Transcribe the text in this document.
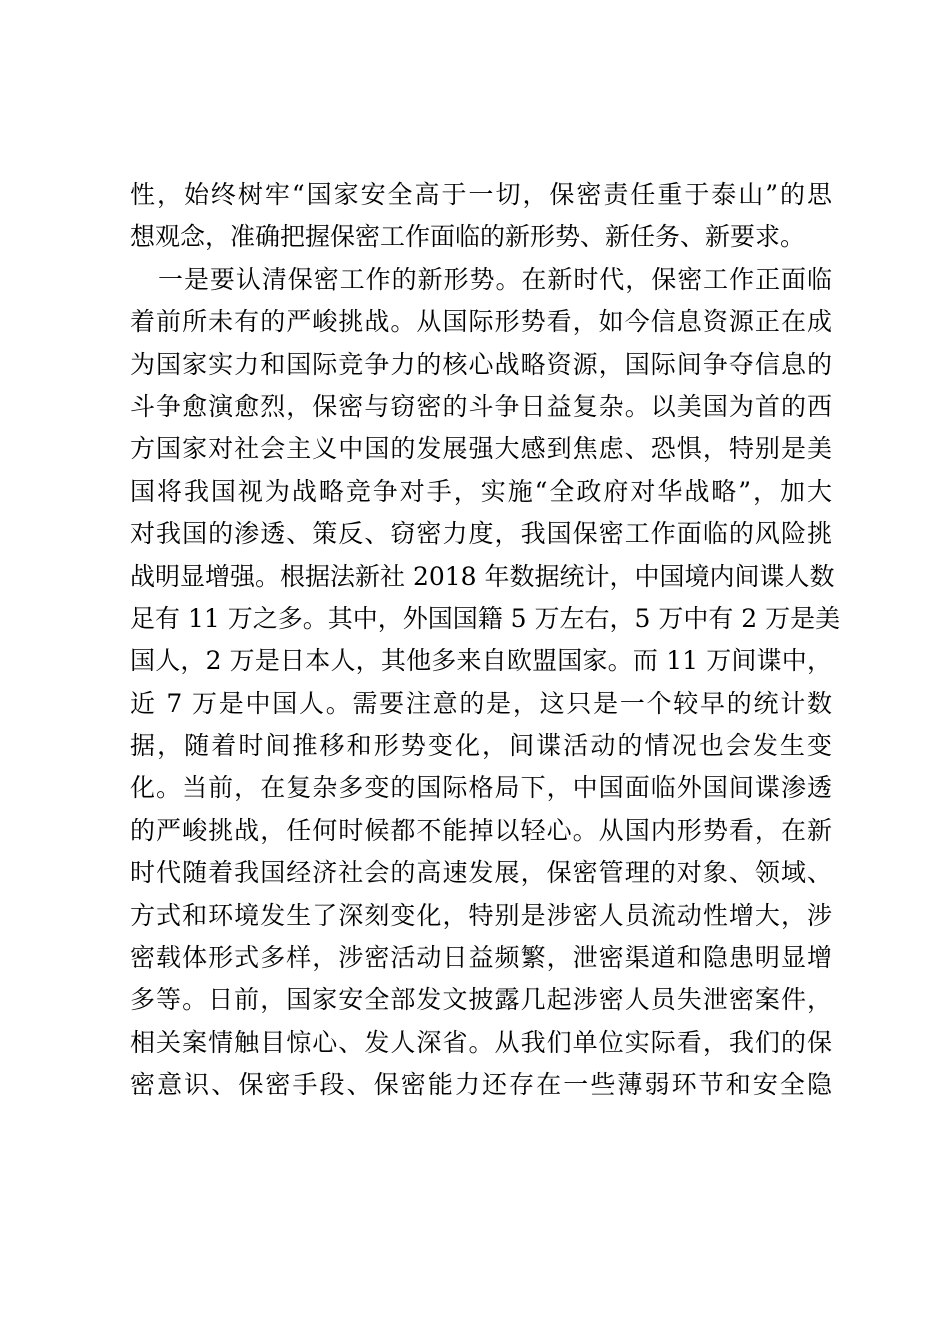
性，始终树牢“国家安全高于一切，保密责任重于泰山”的思
想观念，准确把握保密工作面临的新形势、新任务、新要求。
一是要认清保密工作的新形势。在新时代，保密工作正面临
着前所未有的严峻挑战。从国际形势看，如今信息资源正在成
为国家实力和国际竞争力的核心战略资源，国际间争夺信息的
斗争愈演愈烈，保密与窃密的斗争日益复杂。以美国为首的西
方国家对社会主义中国的发展强大感到焦虑、恐惧，特别是美
国将我国视为战略竞争对手，实施“全政府对华战略”，加大
对我国的渗透、策反、窃密力度，我国保密工作面临的风险挑
战明显增强。根据法新社 2018 年数据统计，中国境内间谍人数
足有 11 万之多。其中，外国国籍 5 万左右，5 万中有 2 万是美
国人，2 万是日本人，其他多来自欧盟国家。而 11 万间谍中，
近 7 万是中国人。需要注意的是，这只是一个较早的统计数
据，随着时间推移和形势变化，间谍活动的情况也会发生变
化。当前，在复杂多变的国际格局下，中国面临外国间谍渗透
的严峻挑战，任何时候都不能掉以轻心。从国内形势看，在新
时代随着我国经济社会的高速发展，保密管理的对象、领域、
方式和环境发生了深刻变化，特别是涉密人员流动性增大，涉
密载体形式多样，涉密活动日益频繁，泄密渠道和隐患明显增
多等。日前，国家安全部发文披露几起涉密人员失泄密案件，
相关案情触目惊心、发人深省。从我们单位实际看，我们的保
密意识、保密手段、保密能力还存在一些薄弱环节和安全隐
